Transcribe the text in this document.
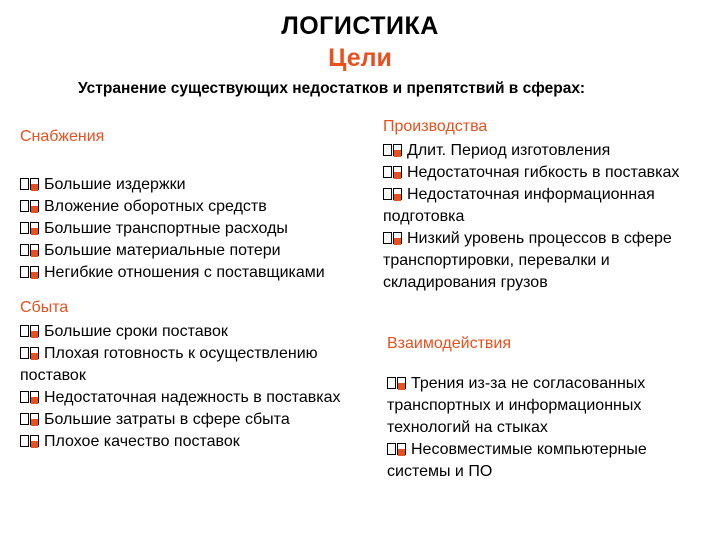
ЛОГИСТИКА
Цели
Устранение существующих недостатков и препятствий в сферах:
Снабжения
Большие издержки
Вложение оборотных средств
Большие транспортные расходы
Большие материальные потери
Негибкие отношения с поставщиками
Сбыта
Большие сроки поставок
Плохая готовность к осуществлению поставок
Недостаточная надежность в поставках
Большие затраты в сфере сбыта
Плохое качество поставок
Производства
Длит. Период изготовления
Недостаточная гибкость в поставках
Недостаточная информационная подготовка
Низкий уровень процессов в сфере транспортировки, перевалки и складирования грузов
Взаимодействия
Трения из-за не согласованных транспортных и информационных технологий на стыках
Несовместимые компьютерные системы и ПО
